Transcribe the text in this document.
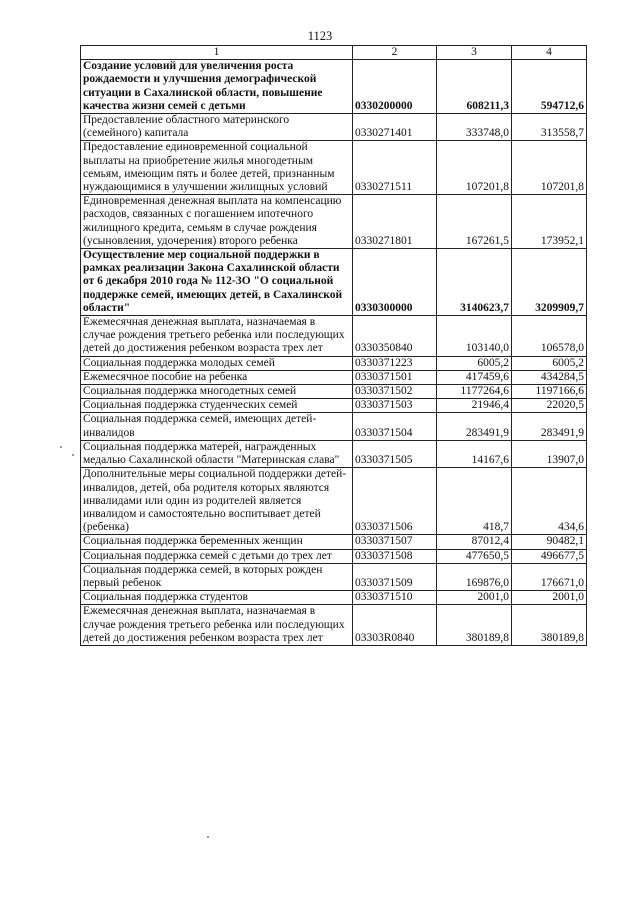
1123
1	2	3	4
Создание условий для увеличения роста рождаемости и улучшения демографической ситуации в Сахалинской области, повышение качества жизни семей с детьми	0330200000	608211,3	594712,6
Предоставление областного материнского (семейного) капитала	0330271401	333748,0	313558,7
Предоставление единовременной социальной выплаты на приобретение жилья многодетным семьям, имеющим пять и более детей, признанным нуждающимися в улучшении жилищных условий	0330271511	107201,8	107201,8
Единовременная денежная выплата на компенсацию расходов, связанных с погашением ипотечного жилищного кредита, семьям в случае рождения (усыновления, удочерения) второго ребенка	0330271801	167261,5	173952,1
Осуществление мер социальной поддержки в рамках реализации Закона Сахалинской области от 6 декабря 2010 года № 112-ЗО "О социальной поддержке семей, имеющих детей, в Сахалинской области"	0330300000	3140623,7	3209909,7
Ежемесячная денежная выплата, назначаемая в случае рождения третьего ребенка или последующих детей до достижения ребенком возраста трех лет	0330350840	103140,0	106578,0
Социальная поддержка молодых семей	0330371223	6005,2	6005,2
Ежемесячное пособие на ребенка	0330371501	417459,6	434284,5
Социальная поддержка многодетных семей	0330371502	1177264,6	1197166,6
Социальная поддержка студенческих семей	0330371503	21946,4	22020,5
Социальная поддержка семей, имеющих детей-инвалидов	0330371504	283491,9	283491,9
Социальная поддержка матерей, награжденных медалью Сахалинской области "Материнская слава"	0330371505	14167,6	13907,0
Дополнительные меры социальной поддержки детей-инвалидов, детей, оба родителя которых являются инвалидами или один из родителей является инвалидом и самостоятельно воспитывает детей (ребенка)	0330371506	418,7	434,6
Социальная поддержка беременных женщин	0330371507	87012,4	90482,1
Социальная поддержка семей с детьми до трех лет	0330371508	477650,5	496677,5
Социальная поддержка семей, в которых рожден первый ребенок	0330371509	169876,0	176671,0
Социальная поддержка студентов	0330371510	2001,0	2001,0
Ежемесячная денежная выплата, назначаемая в случае рождения третьего ребенка или последующих детей до достижения ребенком возраста трех лет	03303R0840	380189,8	380189,8
